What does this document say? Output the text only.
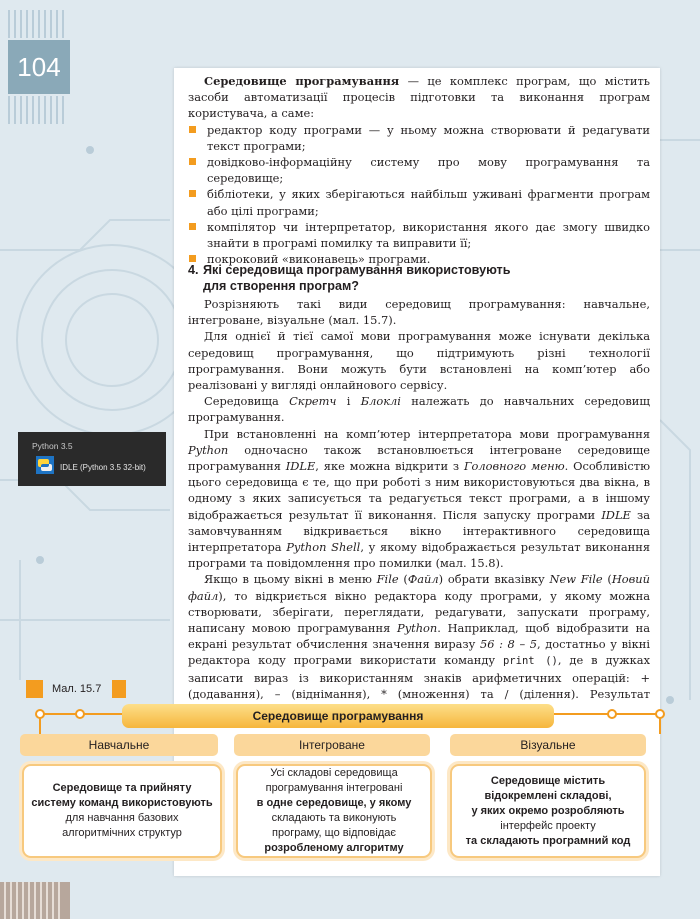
104	Середовище програмування — це комплекс програм, що містить засоби автоматизації процесів підготовки та виконання програм користувача, а саме:

редактор коду програми — у ньому можна створювати й редагувати текст програми;
довідково-інформаційну систему про мову програмування та середовище;
бібліотеки, у яких зберігаються найбільш уживані фрагменти програм або цілі програми;
компілятор чи інтерпретатор, використання якого дає змогу швидко знайти в програмі помилку та виправити її;
покроковий «виконавець» програми.
4. Які середовища програмування використовують
для створення програм?

Розрізняють такі види середовищ програмування: навчальне, інтегроване, візуальне (мал. 15.7).

Для однієї й тієї самої мови програмування може існувати декілька середовищ програмування, що підтримують різні технології програмування. Вони можуть бути встановлені на комп’ютер або реалізовані у вигляді онлайнового сервісу.

Середовища Скретч і Блоклі належать до навчальних середовищ програмування.

При встановленні на комп’ютер інтерпретатора мови програмування Python одночасно також встановлюється інтегроване середовище програмування IDLE, яке можна відкрити з Головного меню. Особливістю цього середовища є те, що при роботі з ним використовуються два вікна, в одному з яких записується та редагується текст програми, а в іншому відображається результат її виконання. Після запуску програми IDLE за замовчуванням відкривається вікно інтерактивного середовища інтерпретатора Python Shell, у якому відображається результат виконання програми та повідомлення про помилки (мал. 15.8).

Якщо в цьому вікні в меню File (Файл) обрати вказівку New File (Новий файл), то відкриється вікно редактора коду програми, у якому можна створювати, зберігати, переглядати, редагувати, запускати програму, написану мовою програмування Python. Наприклад, щоб відобразити на екрані результат обчислення значення виразу 56 : 8 – 5, достатньо у вікні редактора коду програми використати команду print (), де в дужках записати вираз із використанням знаків арифметичних операцій: + (додавання), – (віднімання), * (множення) та / (ділення). Результат

Python 3.5
IDLE (Python 3.5 32-bit)
Мал. 15.7
Середовище програмування
Навчальне	Інтегроване	Візуальне
Середовище та прийняту
систему команд використовують
для навчання базових
алгоритмічних структур
Усі складові середовища
програмування інтегровані
в одне середовище, у якому
складають та виконують
програму, що відповідає
розробленому алгоритму
Середовище містить
відокремлені складові,
у яких окремо розробляють
інтерфейс проекту
та складають програмний код
